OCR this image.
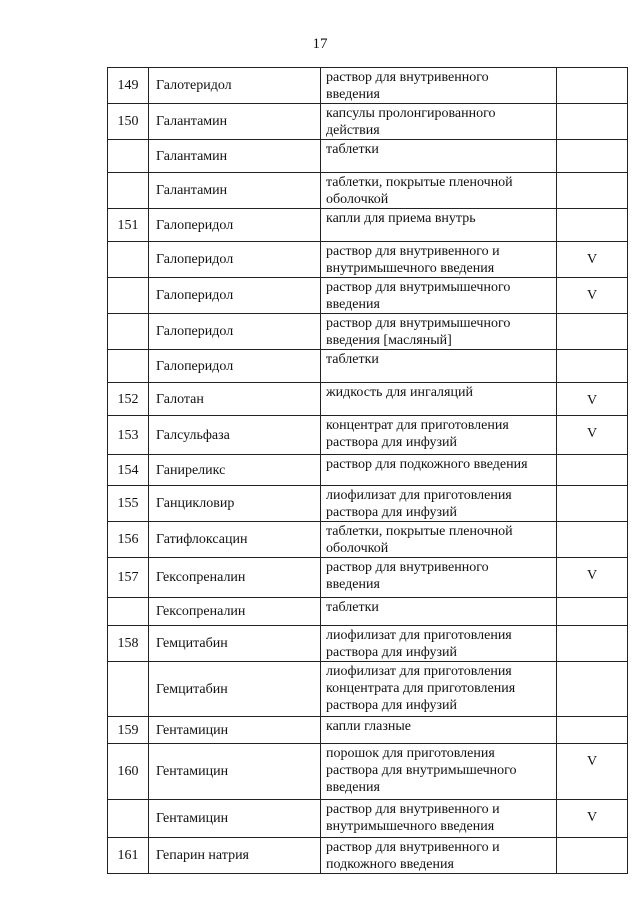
17
149	Галотеридол	раствор для внутривенного
введения	

150	Галантамин	капсулы пролонгированного
действия	

	Галантамин	таблетки	

	Галантамин	таблетки, покрытые пленочной
оболочкой	

151	Галоперидол	капли для приема внутрь	

	Галоперидол	раствор для внутривенного и
внутримышечного введения	V
	Галоперидол	раствор для внутримышечного
введения	V
	Галоперидол	раствор для внутримышечного
введения [масляный]	

	Галоперидол	таблетки	

152	Галотан	жидкость для ингаляций	V
153	Галсульфаза	концентрат для приготовления
раствора для инфузий	V
154	Ганиреликс	раствор для подкожного введения	

155	Ганцикловир	лиофилизат для приготовления
раствора для инфузий	

156	Гатифлоксацин	таблетки, покрытые пленочной
оболочкой	

157	Гексопреналин	раствор для внутривенного
введения	V
	Гексопреналин	таблетки	

158	Гемцитабин	лиофилизат для приготовления
раствора для инфузий	

	Гемцитабин	лиофилизат для приготовления
концентрата для приготовления
раствора для инфузий	

159	Гентамицин	капли глазные	

160	Гентамицин	порошок для приготовления
раствора для внутримышечного
введения	V
	Гентамицин	раствор для внутривенного и
внутримышечного введения	V
161	Гепарин натрия	раствор для внутривенного и
подкожного введения	
